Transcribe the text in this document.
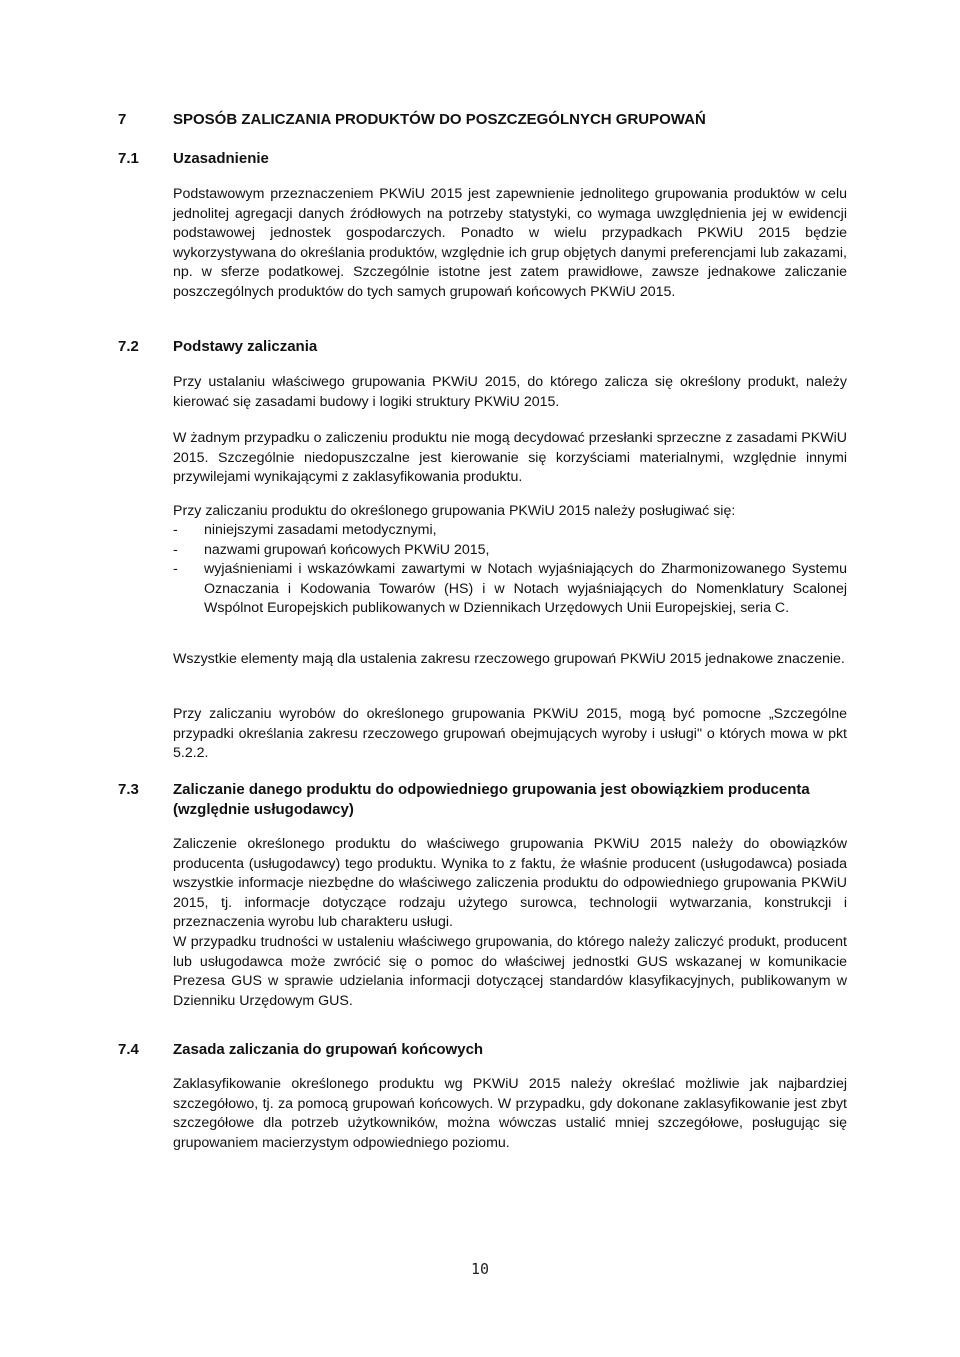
7	SPOSÓB ZALICZANIA PRODUKTÓW DO POSZCZEGÓLNYCH GRUPOWAŃ
7.1 Uzasadnienie

Podstawowym przeznaczeniem PKWiU 2015 jest zapewnienie jednolitego grupowania produktów w celu jednolitej agregacji danych źródłowych na potrzeby statystyki, co wymaga uwzględnienia jej w ewidencji podstawowej jednostek gospodarczych. Ponadto w wielu przypadkach PKWiU 2015 będzie wykorzystywana do określania produktów, względnie ich grup objętych danymi preferencjami lub zakazami, np. w sferze podatkowej. Szczególnie istotne jest zatem prawidłowe, zawsze jednakowe zaliczanie poszczególnych produktów do tych samych grupowań końcowych PKWiU 2015.

7.2 Podstawy zaliczania

Przy ustalaniu właściwego grupowania PKWiU 2015, do którego zalicza się określony produkt, należy kierować się zasadami budowy i logiki struktury PKWiU 2015.

W żadnym przypadku o zaliczeniu produktu nie mogą decydować przesłanki sprzeczne z zasadami PKWiU 2015. Szczególnie niedopuszczalne jest kierowanie się korzyściami materialnymi, względnie innymi przywilejami wynikającymi z zaklasyfikowania produktu.

Przy zaliczaniu produktu do określonego grupowania PKWiU 2015 należy posługiwać się:

- niniejszymi zasadami metodycznymi,
- nazwami grupowań końcowych PKWiU 2015,
- wyjaśnieniami i wskazówkami zawartymi w Notach wyjaśniających do Zharmonizowanego Systemu Oznaczania i Kodowania Towarów (HS) i w Notach wyjaśniających do Nomenklatury Scalonej Wspólnot Europejskich publikowanych w Dziennikach Urzędowych Unii Europejskiej, seria C.

Wszystkie elementy mają dla ustalenia zakresu rzeczowego grupowań PKWiU 2015 jednakowe znaczenie.

Przy zaliczaniu wyrobów do określonego grupowania PKWiU 2015, mogą być pomocne „Szczególne przypadki określania zakresu rzeczowego grupowań obejmujących wyroby i usługi" o których mowa w pkt 5.2.2.

7.3 Zaliczanie danego produktu do odpowiedniego grupowania jest obowiązkiem producenta (względnie usługodawcy)

Zaliczenie określonego produktu do właściwego grupowania PKWiU 2015 należy do obowiązków producenta (usługodawcy) tego produktu. Wynika to z faktu, że właśnie producent (usługodawca) posiada wszystkie informacje niezbędne do właściwego zaliczenia produktu do odpowiedniego grupowania PKWiU 2015, tj. informacje dotyczące rodzaju użytego surowca, technologii wytwarzania, konstrukcji i przeznaczenia wyrobu lub charakteru usługi.

W przypadku trudności w ustaleniu właściwego grupowania, do którego należy zaliczyć produkt, producent lub usługodawca może zwrócić się o pomoc do właściwej jednostki GUS wskazanej w komunikacie Prezesa GUS w sprawie udzielania informacji dotyczącej standardów klasyfikacyjnych, publikowanym w Dzienniku Urzędowym GUS.

7.4 Zasada zaliczania do grupowań końcowych

Zaklasyfikowanie określonego produktu wg PKWiU 2015 należy określać możliwie jak najbardziej szczegółowo, tj. za pomocą grupowań końcowych. W przypadku, gdy dokonane zaklasyfikowanie jest zbyt szczegółowe dla potrzeb użytkowników, można wówczas ustalić mniej szczegółowe, posługując się grupowaniem macierzystym odpowiedniego poziomu.

10
